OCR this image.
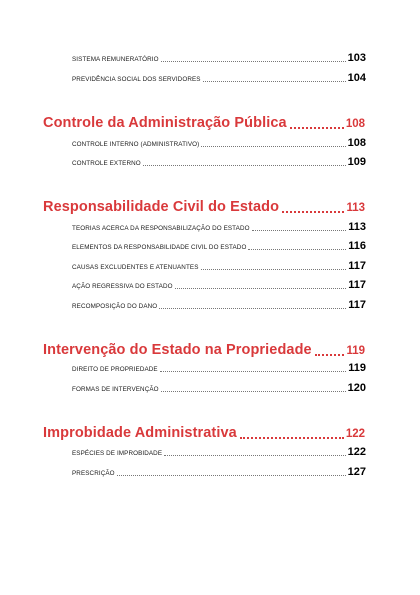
SISTEMA REMUNERATÓRIO	103
PREVIDÊNCIA SOCIAL DOS SERVIDORES	104
Controle da Administração Pública	108
CONTROLE INTERNO (ADMINISTRATIVO)	108
CONTROLE EXTERNO	109
Responsabilidade Civil do Estado	113
TEORIAS ACERCA DA RESPONSABILIZAÇÃO DO ESTADO	113
ELEMENTOS DA RESPONSABILIDADE CIVIL DO ESTADO	116
CAUSAS EXCLUDENTES E ATENUANTES	117
AÇÃO REGRESSIVA DO ESTADO	117
RECOMPOSIÇÃO DO DANO	117
Intervenção do Estado na Propriedade	119
DIREITO DE PROPRIEDADE	119
FORMAS DE INTERVENÇÃO	120
Improbidade Administrativa	122
ESPÉCIES DE IMPROBIDADE	122
PRESCRIÇÃO	127
